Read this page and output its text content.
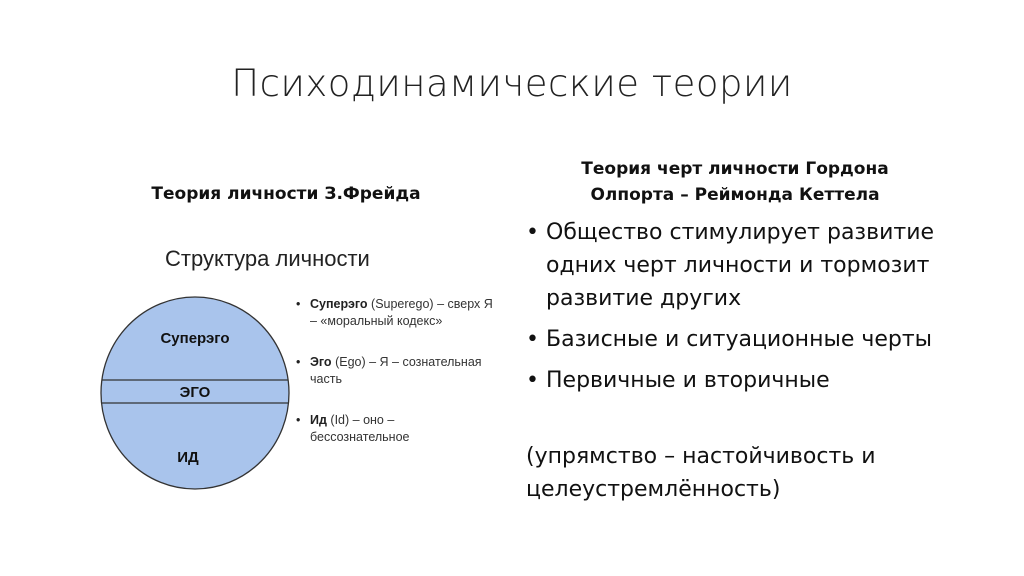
Психодинамические теории
Теория личности З.Фрейда
Структура личности
Суперэго
ЭГО
ИД
• Суперэго (Superego) – сверх Я – «моральный кодекс»
• Эго (Ego) – Я – сознательная часть
• Ид (Id) – оно – бессознательное
Теория черт личности Гордона Олпорта – Реймонда Кеттела
• Общество стимулирует развитие одних черт личности и тормозит развитие других
• Базисные и ситуационные черты
• Первичные и вторичные

(упрямство – настойчивость и целеустремлённость)
